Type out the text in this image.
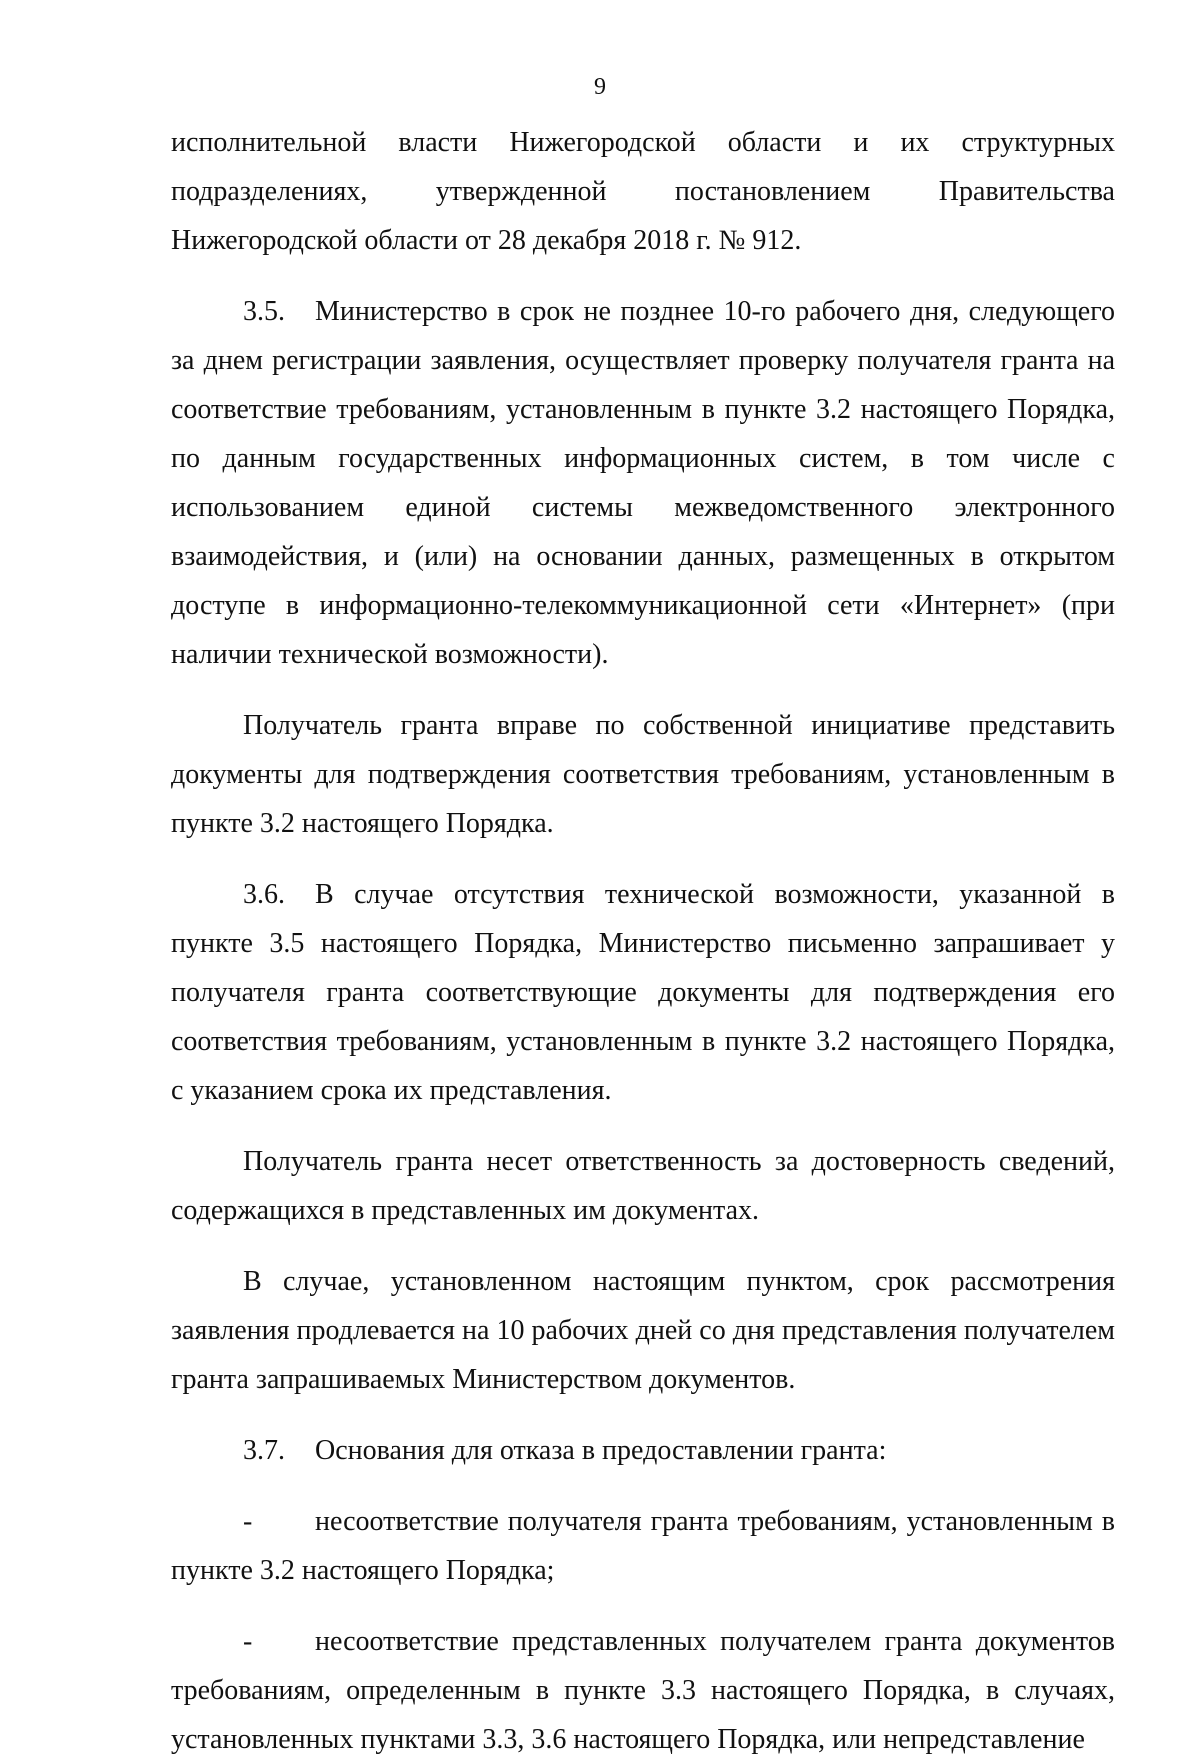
9

исполнительной власти Нижегородской области и их структурных подразделениях, утвержденной постановлением Правительства Нижегородской области от 28 декабря 2018 г. № 912.

3.5. Министерство в срок не позднее 10-го рабочего дня, следующего за днем регистрации заявления, осуществляет проверку получателя гранта на соответствие требованиям, установленным в пункте 3.2 настоящего Порядка, по данным государственных информационных систем, в том числе с использованием единой системы межведомственного электронного взаимодействия, и (или) на основании данных, размещенных в открытом доступе в информационно-телекоммуникационной сети «Интернет» (при наличии технической возможности).

Получатель гранта вправе по собственной инициативе представить документы для подтверждения соответствия требованиям, установленным в пункте 3.2 настоящего Порядка.

3.6. В случае отсутствия технической возможности, указанной в пункте 3.5 настоящего Порядка, Министерство письменно запрашивает у получателя гранта соответствующие документы для подтверждения его соответствия требованиям, установленным в пункте 3.2 настоящего Порядка, с указанием срока их представления.

Получатель гранта несет ответственность за достоверность сведений, содержащихся в представленных им документах.

В случае, установленном настоящим пунктом, срок рассмотрения заявления продлевается на 10 рабочих дней со дня представления получателем гранта запрашиваемых Министерством документов.

3.7. Основания для отказа в предоставлении гранта:

- несоответствие получателя гранта требованиям, установленным в пункте 3.2 настоящего Порядка;

- несоответствие представленных получателем гранта документов требованиям, определенным в пункте 3.3 настоящего Порядка, в случаях, установленных пунктами 3.3, 3.6 настоящего Порядка, или непредставление
